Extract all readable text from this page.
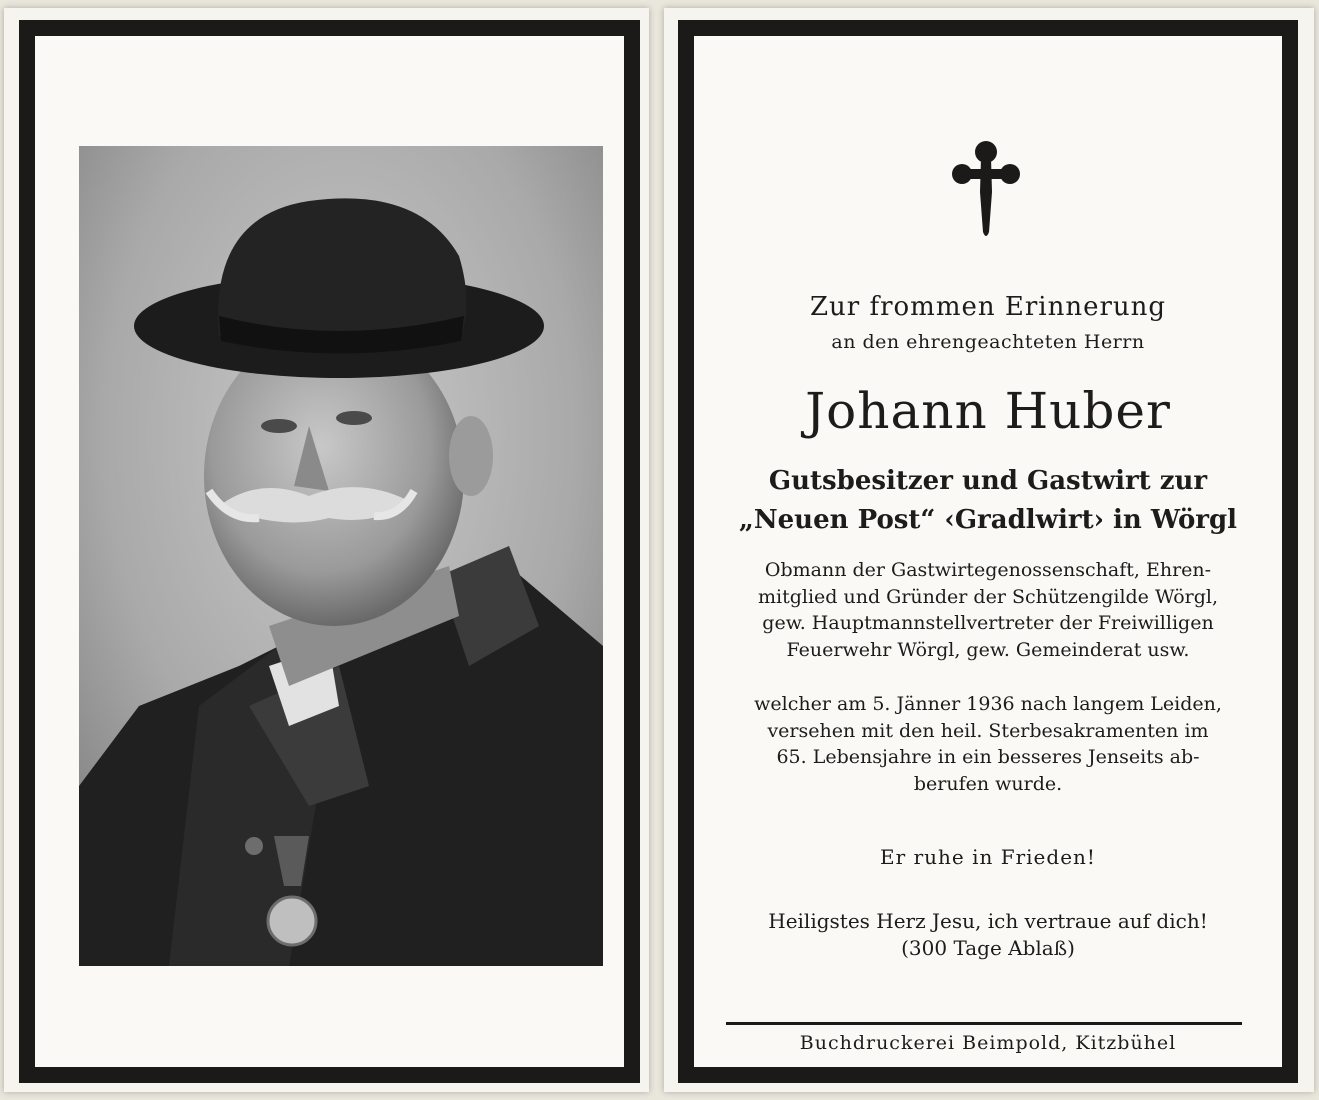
Zur frommen Erinnerung
an den ehrengeachteten Herrn
Johann Huber
Gutsbesitzer und Gastwirt zur
„Neuen Post“ ‹Gradlwirt› in Wörgl
Obmann der Gastwirtegenossenschaft, Ehren-
mitglied und Gründer der Schützengilde Wörgl,
gew. Hauptmannstellvertreter der Freiwilligen
Feuerwehr Wörgl, gew. Gemeinderat usw.
welcher am 5. Jänner 1936 nach langem Leiden,
versehen mit den heil. Sterbesakramenten im
65. Lebensjahre in ein besseres Jenseits ab-
berufen wurde.
Er ruhe in Frieden!
Heiligstes Herz Jesu, ich vertraue auf dich!
(300 Tage Ablaß)
Buchdruckerei Beimpold, Kitzbühel
